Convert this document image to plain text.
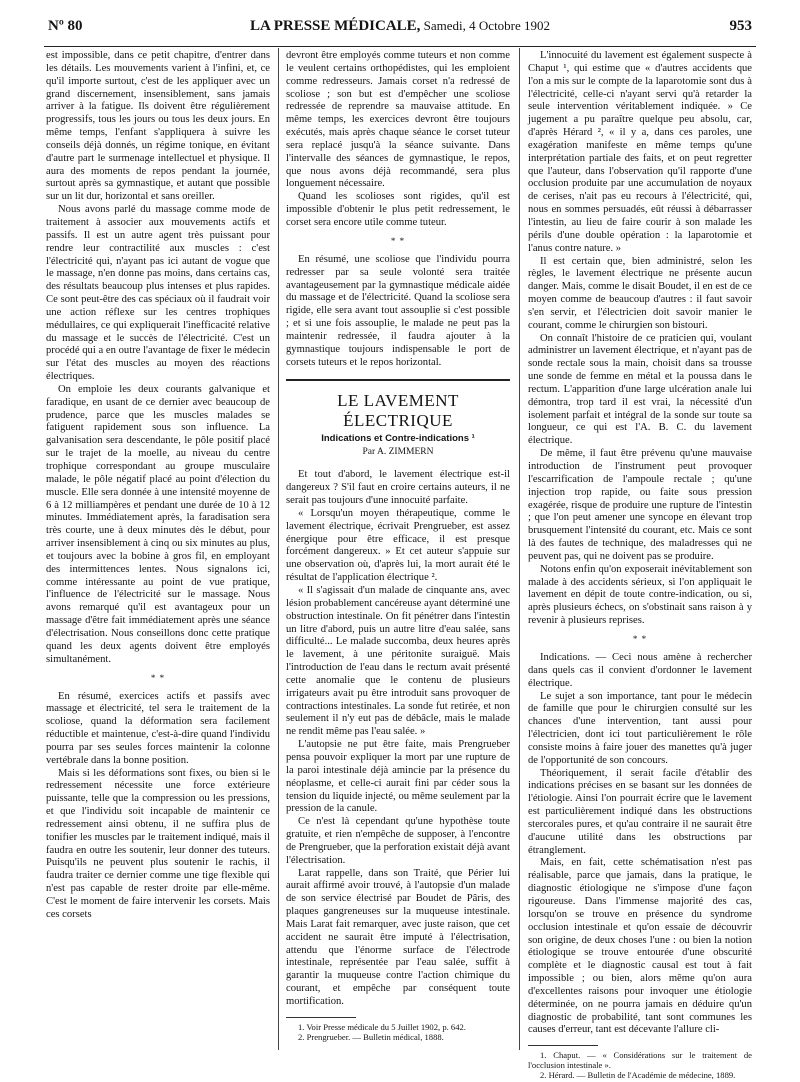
Nº 80	LA PRESSE MÉDICALE, Samedi, 4 Octobre 1902	953

est impossible, dans ce petit chapitre, d'entrer dans les détails. Les mouvements varient à l'infini, et, ce qu'il importe surtout, c'est de les appliquer avec un grand discernement, insensiblement, sans jamais arriver à la fatigue. Ils doivent être régulièrement progressifs, tous les jours ou tous les deux jours. En même temps, l'enfant s'appliquera à suivre les conseils déjà donnés, un régime tonique, en évitant d'autre part le surmenage intellectuel et physique. Il aura des moments de repos pendant la journée, surtout après sa gymnastique, et autant que possible sur un lit dur, horizontal et sans oreiller.

Nous avons parlé du massage comme mode de traitement à associer aux mouvements actifs et passifs. Il est un autre agent très puissant pour rendre leur contractilité aux muscles : c'est l'électricité qui, n'ayant pas ici autant de vogue que le massage, n'en donne pas moins, dans certains cas, des résultats beaucoup plus intenses et plus rapides. Ce sont peut-être des cas spéciaux où il faudrait voir une action réflexe sur les centres trophiques médullaires, ce qui expliquerait l'inefficacité relative du massage et le succès de l'électricité. C'est un procédé qui a en outre l'avantage de fixer le médecin sur l'état des muscles au moyen des réactions électriques.

On emploie les deux courants galvanique et faradique, en usant de ce dernier avec beaucoup de prudence, parce que les muscles malades se fatiguent rapidement sous son influence. La galvanisation sera descendante, le pôle positif placé sur le trajet de la moelle, au niveau du centre trophique correspondant au groupe musculaire malade, le pôle négatif placé au point d'élection du muscle. Elle sera donnée à une intensité moyenne de 6 à 12 milliampères et pendant une durée de 10 à 12 minutes. Immédiatement après, la faradisation sera très courte, une à deux minutes dès le début, pour arriver insensiblement à cinq ou six minutes au plus, et toujours avec la bobine à gros fil, en employant des intermittences lentes. Nous signalons ici, comme intéressante au point de vue pratique, l'influence de l'électricité sur le massage. Nous avons remarqué qu'il est avantageux pour un massage d'être fait immédiatement après une séance d'électrisation. Nous conseillons donc cette pratique quand les deux agents doivent être employés simultanément.

* *

En résumé, exercices actifs et passifs avec massage et électricité, tel sera le traitement de la scoliose, quand la déformation sera facilement réductible et maintenue, c'est-à-dire quand l'individu pourra par ses seules forces maintenir la colonne vertébrale dans la bonne position.

Mais si les déformations sont fixes, ou bien si le redressement nécessite une force extérieure puissante, telle que la compression ou les pressions, et que l'individu soit incapable de maintenir ce redressement ainsi obtenu, il ne suffira plus de tonifier les muscles par le traitement indiqué, mais il faudra en outre les soutenir, leur donner des tuteurs. Puisqu'ils ne peuvent plus soutenir le rachis, il faudra traiter ce dernier comme une tige flexible qui n'est pas capable de rester droite par elle-même. C'est le moment de faire intervenir les corsets. Mais ces corsets

devront être employés comme tuteurs et non comme le veulent certains orthopédistes, qui les emploient comme redresseurs. Jamais corset n'a redressé de scoliose ; son but est d'empêcher une scoliose redressée de reprendre sa mauvaise attitude. En même temps, les exercices devront être toujours exécutés, mais après chaque séance le corset tuteur sera replacé jusqu'à la séance suivante. Dans l'intervalle des séances de gymnastique, le repos, que nous avons déjà recommandé, sera plus longuement nécessaire.

Quand les scolioses sont rigides, qu'il est impossible d'obtenir le plus petit redressement, le corset sera encore utile comme tuteur.

* *

En résumé, une scoliose que l'individu pourra redresser par sa seule volonté sera traitée avantageusement par la gymnastique médicale aidée du massage et de l'électricité. Quand la scoliose sera rigide, elle sera avant tout assouplie si c'est possible ; et si une fois assouplie, le malade ne peut pas la maintenir redressée, il faudra ajouter à la gymnastique toujours indispensable le port de corsets tuteurs et le repos horizontal.

LE LAVEMENT ÉLECTRIQUE
Indications et Contre-indications ¹
Par A. ZIMMERN

Et tout d'abord, le lavement électrique est-il dangereux ? S'il faut en croire certains auteurs, il ne serait pas toujours d'une innocuité parfaite.

« Lorsqu'un moyen thérapeutique, comme le lavement électrique, écrivait Prengrueber, est assez énergique pour être efficace, il est presque forcément dangereux. » Et cet auteur s'appuie sur une observation où, d'après lui, la mort aurait été le résultat de l'application électrique ².

« Il s'agissait d'un malade de cinquante ans, avec lésion probablement cancéreuse ayant déterminé une obstruction intestinale. On fit pénétrer dans l'intestin un litre d'abord, puis un autre litre d'eau salée, sans difficulté... Le malade succomba, deux heures après le lavement, à une péritonite suraiguë. Mais l'introduction de l'eau dans le rectum avait présenté cette anomalie que le contenu de plusieurs irrigateurs avait pu être introduit sans provoquer de contractions intestinales. La sonde fut retirée, et non seulement il n'y eut pas de débâcle, mais le malade ne rendit même pas l'eau salée. »

L'autopsie ne put être faite, mais Prengrueber pensa pouvoir expliquer la mort par une rupture de la paroi intestinale déjà amincie par la présence du néoplasme, et celle-ci aurait fini par céder sous la tension du liquide injecté, ou même seulement par la pression de la canule.

Ce n'est là cependant qu'une hypothèse toute gratuite, et rien n'empêche de supposer, à l'encontre de Prengrueber, que la perforation existait déjà avant l'électrisation.

Larat rappelle, dans son Traité, que Périer lui aurait affirmé avoir trouvé, à l'autopsie d'un malade de son service électrisé par Boudet de Pâris, des plaques gangreneuses sur la muqueuse intestinale. Mais Larat fait remarquer, avec juste raison, que cet accident ne saurait être imputé à l'électrisation, attendu que l'énorme surface de l'électrode intestinale, représentée par l'eau salée, suffit à garantir la muqueuse contre l'action chimique du courant, et empêche par conséquent toute mortification.

1. Voir Presse médicale du 5 Juillet 1902, p. 642.

2. Prengrueber. — Bulletin médical, 1888.

L'innocuité du lavement est également suspecte à Chaput ¹, qui estime que « d'autres accidents que l'on a mis sur le compte de la laparotomie sont dus à l'électricité, celle-ci n'ayant servi qu'à retarder la seule intervention véritablement indiquée. » Ce jugement a pu paraître quelque peu absolu, car, d'après Hérard ², « il y a, dans ces paroles, une exagération manifeste en même temps qu'une interprétation partiale des faits, et on peut regretter que l'auteur, dans l'observation qu'il rapporte d'une occlusion produite par une accumulation de noyaux de cerises, n'ait pas eu recours à l'électricité, qui, nous en sommes persuadés, eût réussi à débarrasser l'intestin, au lieu de faire courir à son malade les périls d'une double opération : la laparotomie et l'anus contre nature. »

Il est certain que, bien administré, selon les règles, le lavement électrique ne présente aucun danger. Mais, comme le disait Boudet, il en est de ce moyen comme de beaucoup d'autres : il faut savoir s'en servir, et l'électricien doit savoir manier le courant, comme le chirurgien son bistouri.

On connaît l'histoire de ce praticien qui, voulant administrer un lavement électrique, et n'ayant pas de sonde rectale sous la main, choisit dans sa trousse une sonde de femme en métal et la poussa dans le rectum. L'apparition d'une large ulcération anale lui démontra, trop tard il est vrai, la nécessité d'un isolement parfait et intégral de la sonde sur toute sa longueur, ce qui est l'A. B. C. du lavement électrique.

De même, il faut être prévenu qu'une mauvaise introduction de l'instrument peut provoquer l'escarrification de l'ampoule rectale ; qu'une injection trop rapide, ou faite sous pression exagérée, risque de produire une rupture de l'intestin ; que l'on peut amener une syncope en élevant trop brusquement l'intensité du courant, etc. Mais ce sont là des fautes de technique, des maladresses qui ne peuvent pas, qui ne doivent pas se produire.

Notons enfin qu'on exposerait inévitablement son malade à des accidents sérieux, si l'on appliquait le lavement en dépit de toute contre-indication, ou si, après plusieurs échecs, on s'obstinait sans raison à y revenir à plusieurs reprises.

* *

Indications. — Ceci nous amène à rechercher dans quels cas il convient d'ordonner le lavement électrique.

Le sujet a son importance, tant pour le médecin de famille que pour le chirurgien consulté sur les chances d'une intervention, tant aussi pour l'électricien, dont ici tout particulièrement le rôle consiste moins à faire jouer des manettes qu'à juger de l'opportunité de son concours.

Théoriquement, il serait facile d'établir des indications précises en se basant sur les données de l'étiologie. Ainsi l'on pourrait écrire que le lavement est particulièrement indiqué dans les obstructions stercorales pures, et qu'au contraire il ne saurait être d'aucune utilité dans les obstructions par étranglement.

Mais, en fait, cette schématisation n'est pas réalisable, parce que jamais, dans la pratique, le diagnostic étiologique ne s'impose d'une façon rigoureuse. Dans l'immense majorité des cas, lorsqu'on se trouve en présence du syndrome occlusion intestinale et qu'on essaie de découvrir son origine, de deux choses l'une : ou bien la notion étiologique se trouve entourée d'une obscurité complète et le diagnostic causal est tout à fait impossible ; ou bien, alors même qu'on aura d'excellentes raisons pour invoquer une étiologie déterminée, on ne pourra jamais en déduire qu'un diagnostic de probabilité, tant sont communes les causes d'erreur, tant est décevante l'allure cli-

1. Chaput. — « Considérations sur le traitement de l'occlusion intestinale ».

2. Hérard. — Bulletin de l'Académie de médecine, 1889.
